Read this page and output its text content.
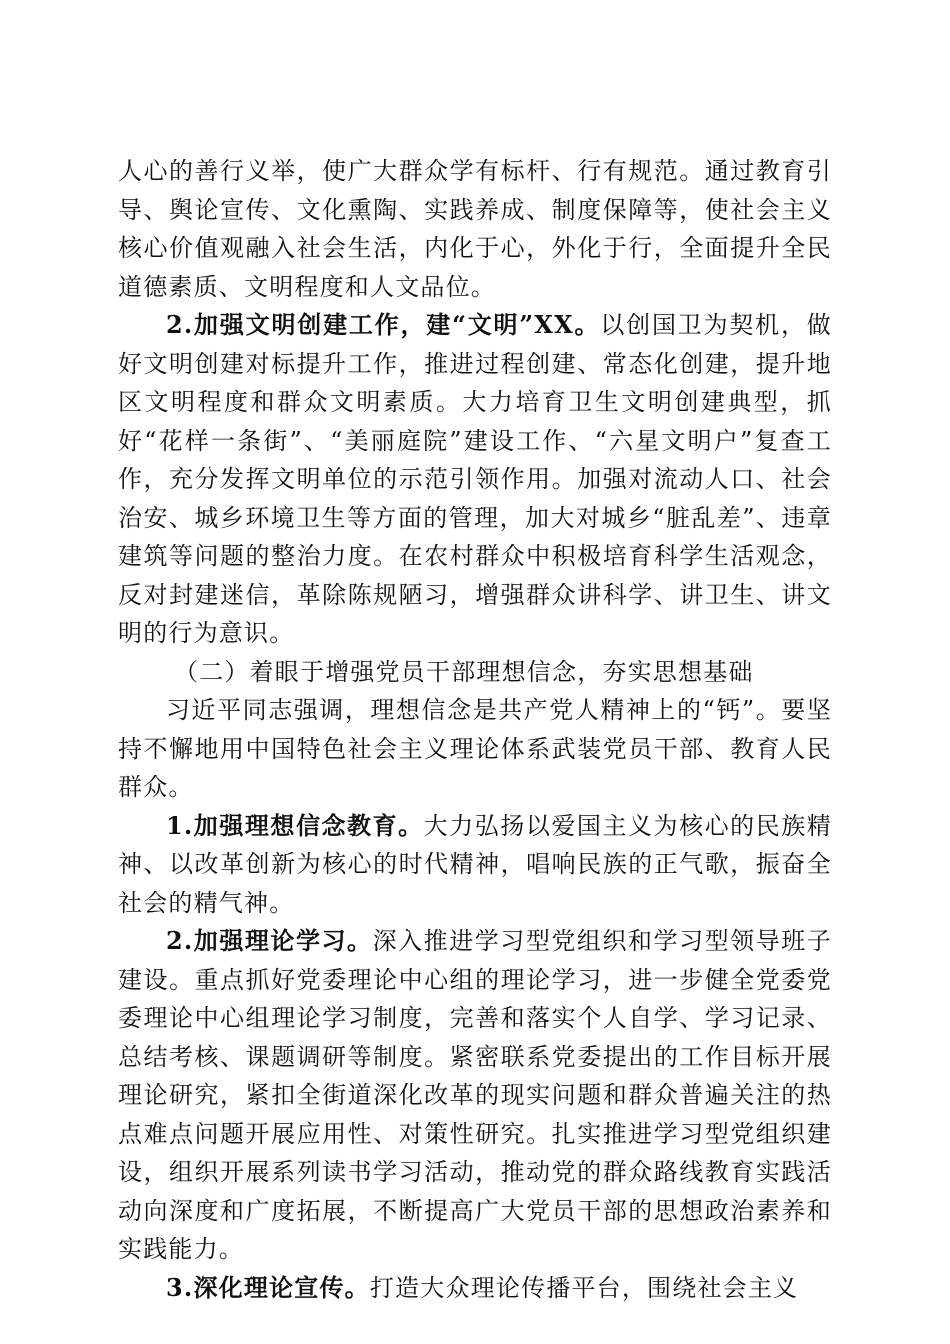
人心的善行义举，使广大群众学有标杆、行有规范。通过教育引导、舆论宣传、文化熏陶、实践养成、制度保障等，使社会主义核心价值观融入社会生活，内化于心，外化于行，全面提升全民道德素质、文明程度和人文品位。

2.加强文明创建工作，建“文明”XX。以创国卫为契机，做好文明创建对标提升工作，推进过程创建、常态化创建，提升地区文明程度和群众文明素质。大力培育卫生文明创建典型，抓好“花样一条街”、“美丽庭院”建设工作、“六星文明户”复查工作，充分发挥文明单位的示范引领作用。加强对流动人口、社会治安、城乡环境卫生等方面的管理，加大对城乡“脏乱差”、违章建筑等问题的整治力度。在农村群众中积极培育科学生活观念，反对封建迷信，革除陈规陋习，增强群众讲科学、讲卫生、讲文明的行为意识。

（二）着眼于增强党员干部理想信念，夯实思想基础

习近平同志强调，理想信念是共产党人精神上的“钙”。要坚持不懈地用中国特色社会主义理论体系武装党员干部、教育人民群众。

1.加强理想信念教育。大力弘扬以爱国主义为核心的民族精神、以改革创新为核心的时代精神，唱响民族的正气歌，振奋全社会的精气神。

2.加强理论学习。深入推进学习型党组织和学习型领导班子建设。重点抓好党委理论中心组的理论学习，进一步健全党委党委理论中心组理论学习制度，完善和落实个人自学、学习记录、总结考核、课题调研等制度。紧密联系党委提出的工作目标开展理论研究，紧扣全街道深化改革的现实问题和群众普遍关注的热点难点问题开展应用性、对策性研究。扎实推进学习型党组织建设，组织开展系列读书学习活动，推动党的群众路线教育实践活动向深度和广度拓展，不断提高广大党员干部的思想政治素养和实践能力。

3.深化理论宣传。打造大众理论传播平台，围绕社会主义
